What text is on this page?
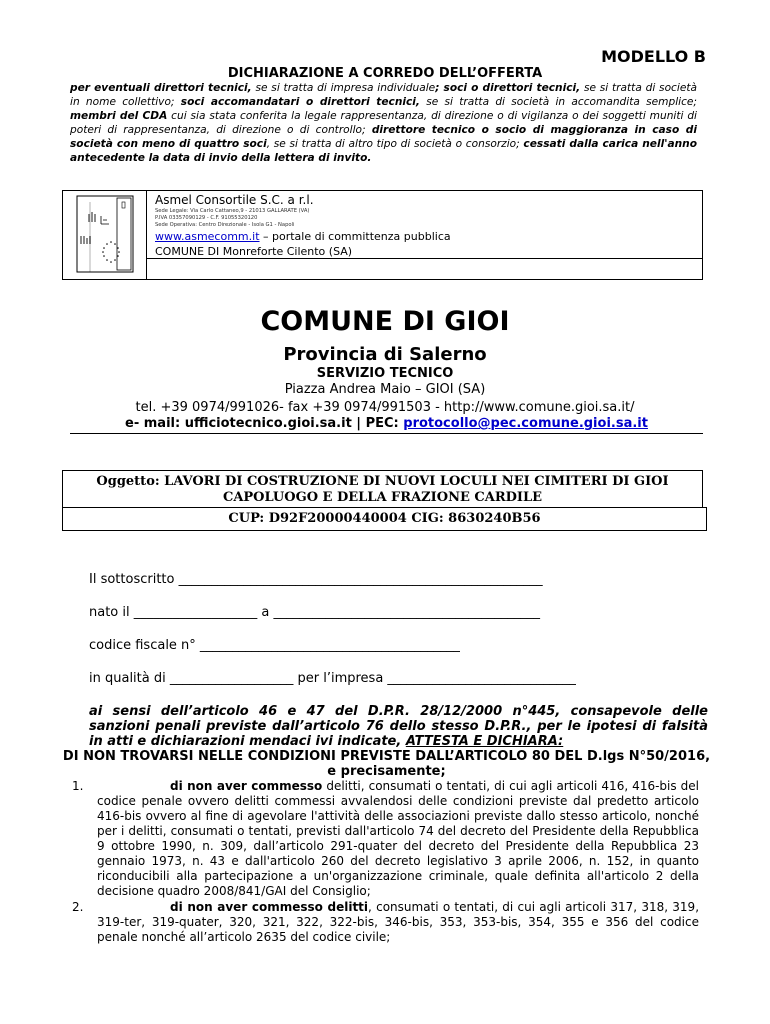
MODELLO B
DICHIARAZIONE A CORREDO DELL’OFFERTA
per eventuali direttori tecnici, se si tratta di impresa individuale; soci o direttori tecnici, se si tratta di società in nome collettivo; soci accomandatari o direttori tecnici, se si tratta di società in accomandita semplice; membri del CDA cui sia stata conferita la legale rappresentanza, di direzione o di vigilanza o dei soggetti muniti di poteri di rappresentanza, di direzione o di controllo; direttore tecnico o socio di maggioranza in caso di società con meno di quattro soci, se si tratta di altro tipo di società o consorzio; cessati dalla carica nell'anno antecedente la data di invio della lettera di invito.
Asmel Consortile S.C. a r.l.
Sede Legale: Via Carlo Cattaneo,9 - 21013 GALLARATE (VA)
P.IVA 03357090129 - C.F. 91055320120
Sede Operativa: Centro Direzionale - Isola G1 - Napoli
www.asmecomm.it – portale di committenza pubblica
COMUNE DI Monreforte Cilento (SA)
COMUNE DI GIOI
Provincia di Salerno
SERVIZIO TECNICO
Piazza Andrea Maio – GIOI (SA)
tel. +39 0974/991026- fax +39 0974/991503 - http://www.comune.gioi.sa.it/
e- mail: ufficiotecnico.gioi.sa.it | PEC: protocollo@pec.comune.gioi.sa.it
Oggetto: LAVORI DI COSTRUZIONE DI NUOVI LOCULI NEI CIMITERI DI GIOI
CAPOLUOGO E DELLA FRAZIONE CARDILE
CUP: D92F20000440004 CIG: 8630240B56
Il sottoscritto ________________________________________________________
nato il ___________________ a _________________________________________
codice fiscale n° ________________________________________
in qualità di ___________________ per l’impresa _____________________________
ai sensi dell’articolo 46 e 47 del D.P.R. 28/12/2000 n°445, consapevole delle sanzioni penali previste dall’articolo 76 dello stesso D.P.R., per le ipotesi di falsità in atti e dichiarazioni mendaci ivi indicate, ATTESTA E DICHIARA:
DI NON TROVARSI NELLE CONDIZIONI PREVISTE DALL’ARTICOLO 80 DEL D.lgs N°50/2016,
e precisamente;
1.	di non aver commesso delitti, consumati o tentati, di cui agli articoli 416, 416-bis del codice penale ovvero delitti commessi avvalendosi delle condizioni previste dal predetto articolo 416-bis ovvero al fine di agevolare l'attività delle associazioni previste dallo stesso articolo, nonché per i delitti, consumati o tentati, previsti dall'articolo 74 del decreto del Presidente della Repubblica 9 ottobre 1990, n. 309, dall’articolo 291-quater del decreto del Presidente della Repubblica 23 gennaio 1973, n. 43 e dall'articolo 260 del decreto legislativo 3 aprile 2006, n. 152, in quanto riconducibili alla partecipazione a un'organizzazione criminale, quale definita all'articolo 2 della decisione quadro 2008/841/GAI del Consiglio;
2.	di non aver commesso delitti, consumati o tentati, di cui agli articoli 317, 318, 319, 319-ter, 319-quater, 320, 321, 322, 322-bis, 346-bis, 353, 353-bis, 354, 355 e 356 del codice penale nonché all’articolo 2635 del codice civile;
